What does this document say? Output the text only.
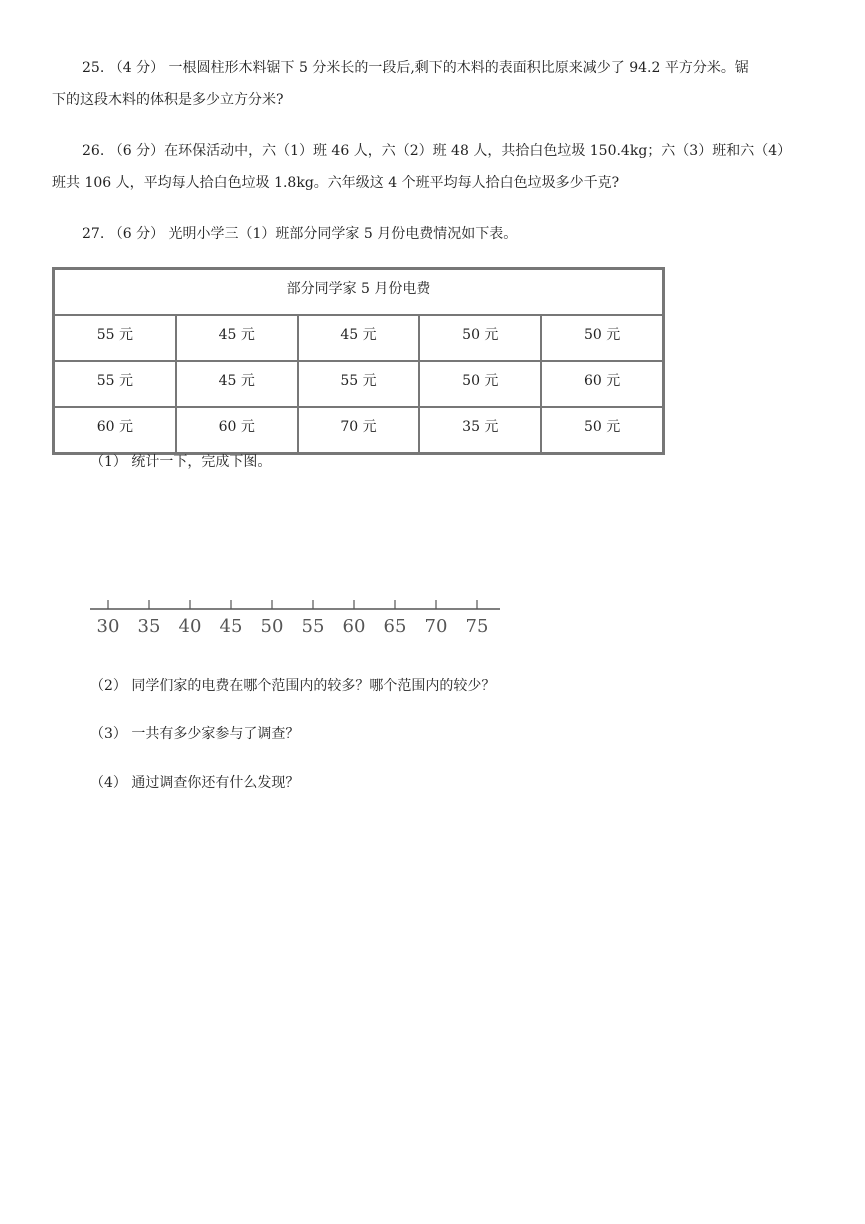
25. （4 分） 一根圆柱形木料锯下 5 分米长的一段后,剩下的木料的表面积比原来减少了 94.2 平方分米。锯
下的这段木料的体积是多少立方分米?
26. （6 分）在环保活动中，六（1）班 46 人，六（2）班 48 人，共拾白色垃圾 150.4kg；六（3）班和六（4）
班共 106 人，平均每人拾白色垃圾 1.8kg。六年级这 4 个班平均每人拾白色垃圾多少千克?
27. （6 分） 光明小学三（1）班部分同学家 5 月份电费情况如下表。
部分同学家 5 月份电费				
55 元	45 元	45 元	50 元	50 元
55 元	45 元	55 元	50 元	60 元
60 元	60 元	70 元	35 元	50 元
（1） 统计一下，完成下图。
30 35 40 45 50 55 60 65 70 75
（2） 同学们家的电费在哪个范围内的较多？哪个范围内的较少？
（3） 一共有多少家参与了调查？
（4） 通过调查你还有什么发现？
